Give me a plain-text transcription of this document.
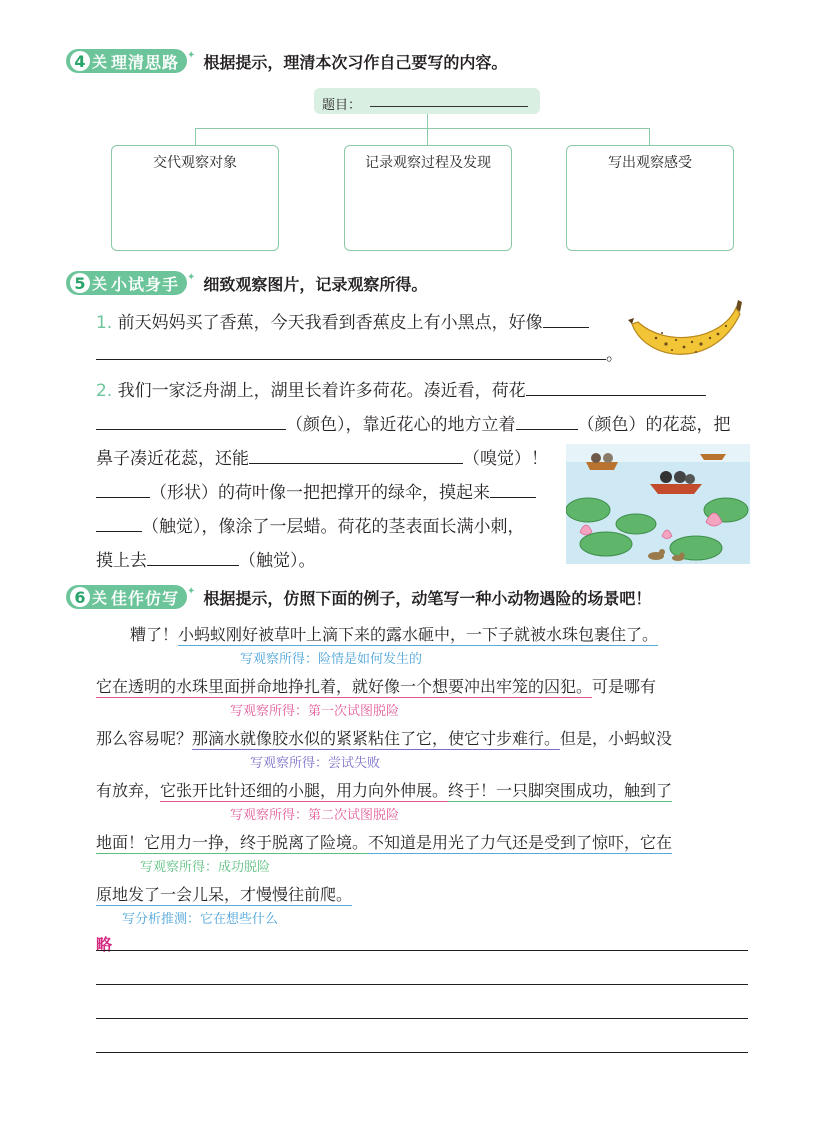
4 关 理清思路 ✦ 根据提示，理清本次习作自己要写的内容。
题目：
交代观察对象	记录观察过程及发现	写出观察感受
5 关 小试身手 ✦ 细致观察图片，记录观察所得。
1. 前天妈妈买了香蕉，今天我看到香蕉皮上有小黑点，好像
。
2. 我们一家泛舟湖上，湖里长着许多荷花。凑近看，荷花
（颜色），靠近花心的地方立着	（颜色）的花蕊，把
鼻子凑近花蕊，还能	（嗅觉）！
（形状）的荷叶像一把把撑开的绿伞，摸起来
（触觉），像涂了一层蜡。荷花的茎表面长满小刺，
摸上去	（触觉）。
6 关 佳作仿写 ✦ 根据提示，仿照下面的例子，动笔写一种小动物遇险的场景吧！
糟了！小蚂蚁刚好被草叶上滴下来的露水砸中，一下子就被水珠包裹住了。
写观察所得：险情是如何发生的
它在透明的水珠里面拼命地挣扎着，就好像一个想要冲出牢笼的囚犯。可是哪有
写观察所得：第一次试图脱险
那么容易呢？那滴水就像胶水似的紧紧粘住了它，使它寸步难行。但是，小蚂蚁没
写观察所得：尝试失败
有放弃，它张开比针还细的小腿，用力向外伸展。终于！一只脚突围成功，触到了
写观察所得：第二次试图脱险
地面！它用力一挣，终于脱离了险境。不知道是用光了力气还是受到了惊吓，它在
写观察所得：成功脱险
原地发了一会儿呆，才慢慢往前爬。
写分析推测：它在想些什么
略
